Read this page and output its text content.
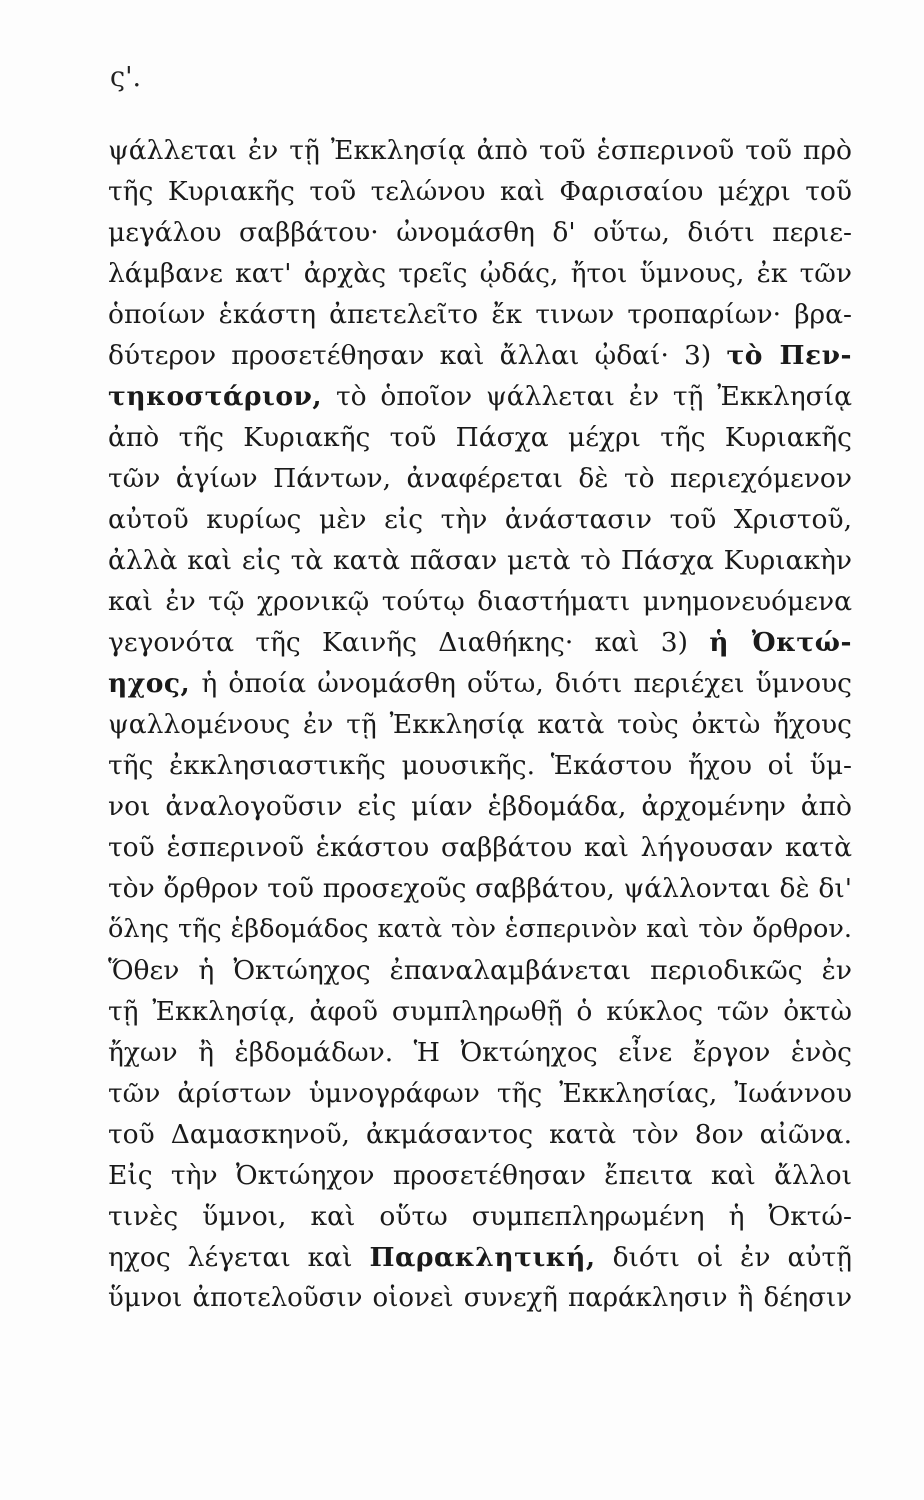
ς'.
ψάλλεται ἐν τῇ Ἐκκλησίᾳ ἀπὸ τοῦ ἑσπερινοῦ τοῦ πρὸ
τῆς Κυριακῆς τοῦ τελώνου καὶ Φαρισαίου μέχρι τοῦ
μεγάλου σαββάτου· ὠνομάσθη δ' οὕτω, διότι περιε-
λάμβανε κατ' ἀρχὰς τρεῖς ᾠδάς, ἤτοι ὕμνους, ἐκ τῶν
ὁποίων ἑκάστη ἀπετελεῖτο ἔκ τινων τροπαρίων· βρα-
δύτερον προσετέθησαν καὶ ἄλλαι ᾠδαί· 3) τὸ Πεν-
τηκοστάριον, τὸ ὁποῖον ψάλλεται ἐν τῇ Ἐκκλησίᾳ
ἀπὸ τῆς Κυριακῆς τοῦ Πάσχα μέχρι τῆς Κυριακῆς
τῶν ἁγίων Πάντων, ἀναφέρεται δὲ τὸ περιεχόμενον
αὐτοῦ κυρίως μὲν εἰς τὴν ἀνάστασιν τοῦ Χριστοῦ,
ἀλλὰ καὶ εἰς τὰ κατὰ πᾶσαν μετὰ τὸ Πάσχα Κυριακὴν
καὶ ἐν τῷ χρονικῷ τούτῳ διαστήματι μνημονευόμενα
γεγονότα τῆς Καινῆς Διαθήκης· καὶ 3) ἡ Ὀκτώ-
ηχος, ἡ ὁποία ὠνομάσθη οὕτω, διότι περιέχει ὕμνους
ψαλλομένους ἐν τῇ Ἐκκλησίᾳ κατὰ τοὺς ὀκτὼ ἤχους
τῆς ἐκκλησιαστικῆς μουσικῆς. Ἑκάστου ἤχου οἱ ὕμ-
νοι ἀναλογοῦσιν εἰς μίαν ἑβδομάδα, ἀρχομένην ἀπὸ
τοῦ ἑσπερινοῦ ἑκάστου σαββάτου καὶ λήγουσαν κατὰ
τὸν ὄρθρον τοῦ προσεχοῦς σαββάτου, ψάλλονται δὲ δι'
ὅλης τῆς ἑβδομάδος κατὰ τὸν ἑσπερινὸν καὶ τὸν ὄρθρον.
Ὅθεν ἡ Ὀκτώηχος ἐπαναλαμβάνεται περιοδικῶς ἐν
τῇ Ἐκκλησίᾳ, ἀφοῦ συμπληρωθῇ ὁ κύκλος τῶν ὀκτὼ
ἤχων ἢ ἑβδομάδων. Ἡ Ὀκτώηχος εἶνε ἔργον ἑνὸς
τῶν ἀρίστων ὑμνογράφων τῆς Ἐκκλησίας, Ἰωάννου
τοῦ Δαμασκηνοῦ, ἀκμάσαντος κατὰ τὸν 8ον αἰῶνα.
Εἰς τὴν Ὀκτώηχον προσετέθησαν ἔπειτα καὶ ἄλλοι
τινὲς ὕμνοι, καὶ οὕτω συμπεπληρωμένη ἡ Ὀκτώ-
ηχος λέγεται καὶ Παρακλητική, διότι οἱ ἐν αὐτῇ
ὕμνοι ἀποτελοῦσιν οἱονεὶ συνεχῆ παράκλησιν ἢ δέησιν
